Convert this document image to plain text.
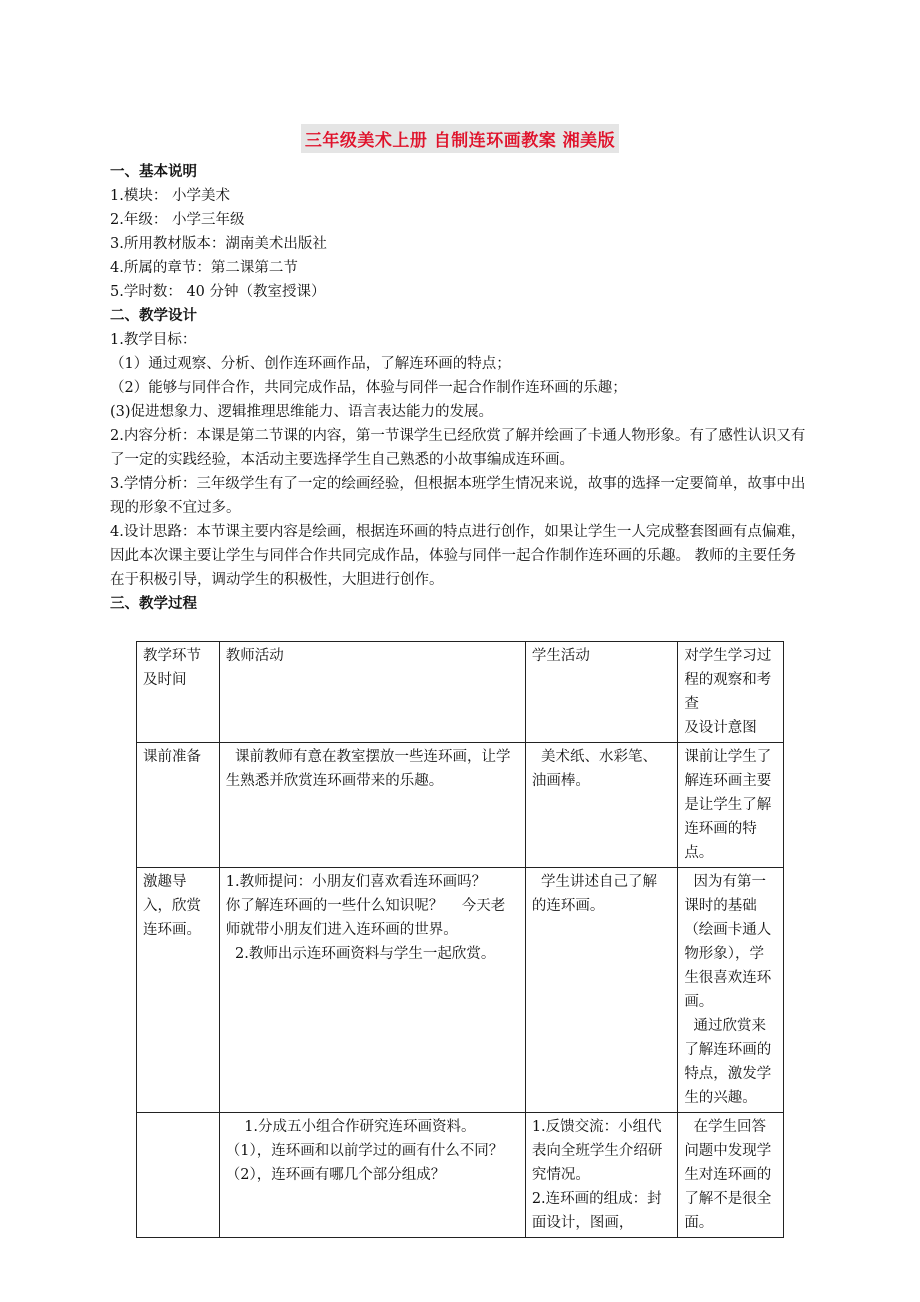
三年级美术上册 自制连环画教案 湘美版
一、基本说明
1.模块： 小学美术
2.年级： 小学三年级
3.所用教材版本：湖南美术出版社
4.所属的章节：第二课第二节
5.学时数： 40 分钟（教室授课）
二、教学设计
1.教学目标：
（1）通过观察、分析、创作连环画作品，了解连环画的特点；
（2）能够与同伴合作，共同完成作品，体验与同伴一起合作制作连环画的乐趣；
(3)促进想象力、逻辑推理思维能力、语言表达能力的发展。
2.内容分析：本课是第二节课的内容，第一节课学生已经欣赏了解并绘画了卡通人物形象。有了感性认识又有了一定的实践经验，本活动主要选择学生自己熟悉的小故事编成连环画。
3.学情分析：三年级学生有了一定的绘画经验，但根据本班学生情况来说，故事的选择一定要简单，故事中出现的形象不宜过多。
4.设计思路：本节课主要内容是绘画，根据连环画的特点进行创作，如果让学生一人完成整套图画有点偏难，因此本次课主要让学生与同伴合作共同完成作品，体验与同伴一起合作制作连环画的乐趣。 教师的主要任务在于积极引导，调动学生的积极性，大胆进行创作。
三、教学过程
教学环节及时间	教师活动	学生活动	对学生学习过程的观察和考查
及设计意图
课前准备	课前教师有意在教室摆放一些连环画，让学生熟悉并欣赏连环画带来的乐趣。	美术纸、水彩笔、油画棒。	课前让学生了解连环画主要是让学生了解连环画的特点。
激趣导入，欣赏连环画。	1.教师提问：小朋友们喜欢看连环画吗？    你了解连环画的一些什么知识呢？    今天老师就带小朋友们进入连环画的世界。
2.教师出示连环画资料与学生一起欣赏。	学生讲述自己了解的连环画。	因为有第一课时的基础（绘画卡通人物形象），学生很喜欢连环画。
通过欣赏来了解连环画的特点，激发学生的兴趣。
	1.分成五小组合作研究连环画资料。
（1），连环画和以前学过的画有什么不同？
（2），连环画有哪几个部分组成？	1.反馈交流：小组代表向全班学生介绍研究情况。
2.连环画的组成：封面设计，图画，	在学生回答问题中发现学生对连环画的了解不是很全面。
